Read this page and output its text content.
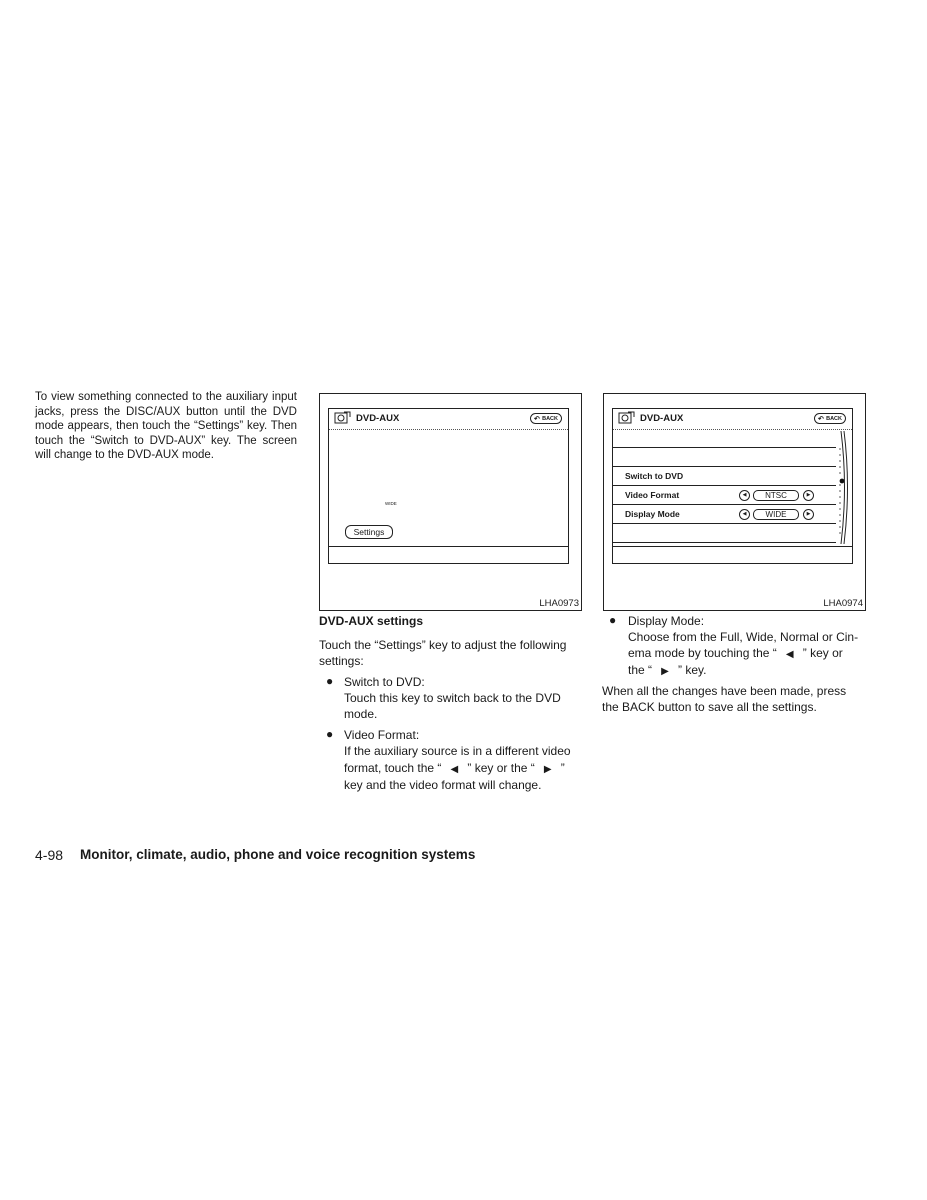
To view something connected to the auxiliary input jacks, press the DISC/AUX button until the DVD mode appears, then touch the “Settings” key. Then touch the “Switch to DVD-AUX” key. The screen will change to the DVD-AUX mode.
DVD-AUX	↶ BACK
WIDE
Settings
LHA0973
DVD-AUX	↶ BACK
Switch to DVD
Video Format	◀	NTSC	▶
Display Mode	◀	WIDE	▶
LHA0974
DVD-AUX settings
Touch the “Settings” key to adjust the following settings:
● Switch to DVD:
Touch this key to switch back to the DVD mode.
● Video Format:
If the auxiliary source is in a different video
format, touch the “ ◀ ” key or the “ ▶ ”
key and the video format will change.
● Display Mode:
Choose from the Full, Wide, Normal or Cin-
ema mode by touching the “ ◀ ” key or
the “ ▶ ” key.
When all the changes have been made, press the BACK button to save all the settings.
4-98 Monitor, climate, audio, phone and voice recognition systems
